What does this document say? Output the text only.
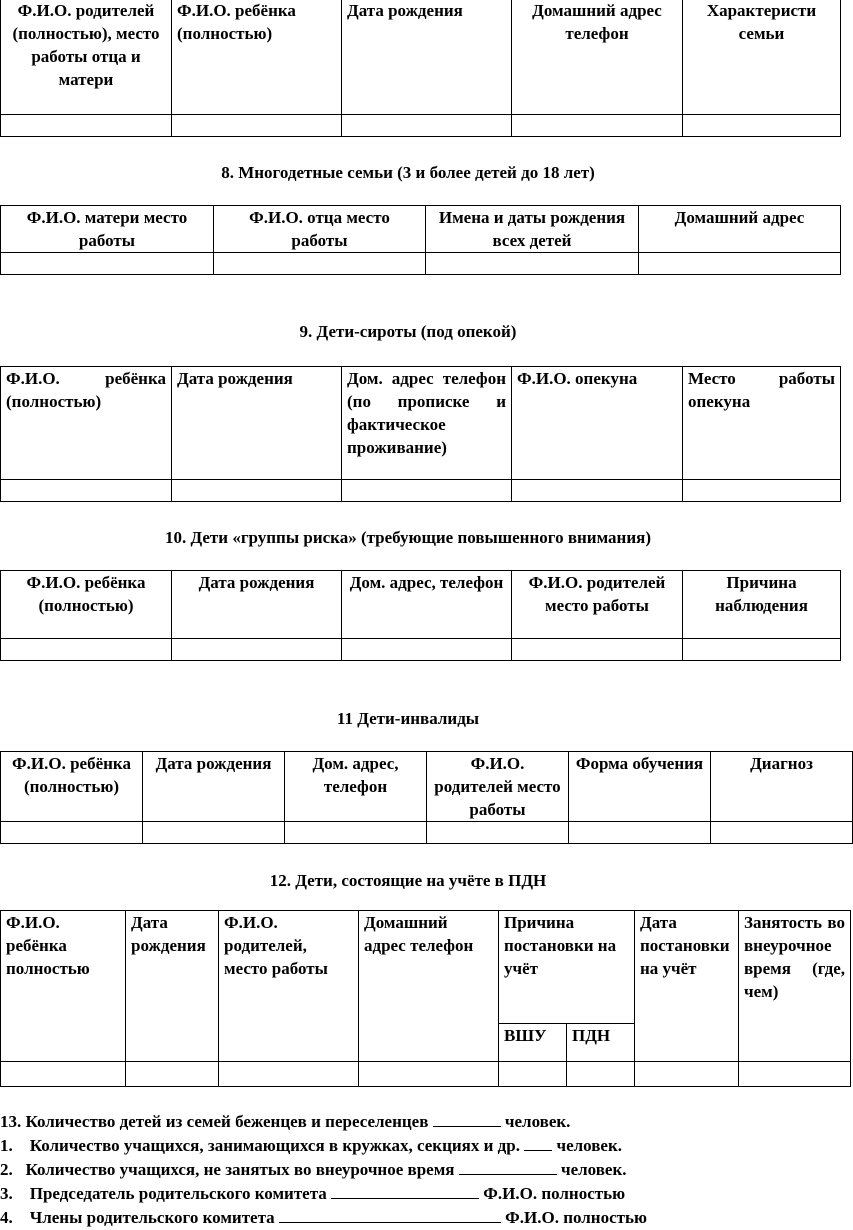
Ф.И.О. родителей (полностью), место работы отца и матери	Ф.И.О. ребёнка (полностью)	Дата рождения	Домашний адрес телефон	Характеристи семьи

8. Многодетные семьи (3 и более детей до 18 лет)
Ф.И.О. матери место работы	Ф.И.О. отца место работы	Имена и даты рождения всех детей	Домашний адрес

9. Дети-сироты (под опекой)
Ф.И.О. ребёнка (полностью)	Дата рождения	Дом. адрес телефон (по прописке и фактическое проживание)	Ф.И.О. опекуна	Место работы опекуна

10. Дети «группы риска» (требующие повышенного внимания)
Ф.И.О. ребёнка (полностью)	Дата рождения	Дом. адрес, телефон	Ф.И.О. родителей место работы	Причина наблюдения

11 Дети-инвалиды
Ф.И.О. ребёнка (полностью)	Дата рождения	Дом. адрес, телефон	Ф.И.О. родителей место работы	Форма обучения	Диагноз

12. Дети, состоящие на учёте в ПДН
Ф.И.О. ребёнка полностью	Дата рождения	Ф.И.О. родителей, место работы	Домашний адрес телефон	Причина постановки на учёт		Дата постановки на учёт	Занятость во внеурочное время (где, чем)
				ВШУ	ПДН		

13. Количество детей из семей беженцев и переселенцев	человек.

1.    Количество учащихся, занимающихся в кружках, секциях и др. человек.

2.   Количество учащихся, не занятых во внеурочное время	человек.

3.    Председатель родительского комитета	Ф.И.О. полностью

4.    Члены родительского комитета	Ф.И.О. полностью
